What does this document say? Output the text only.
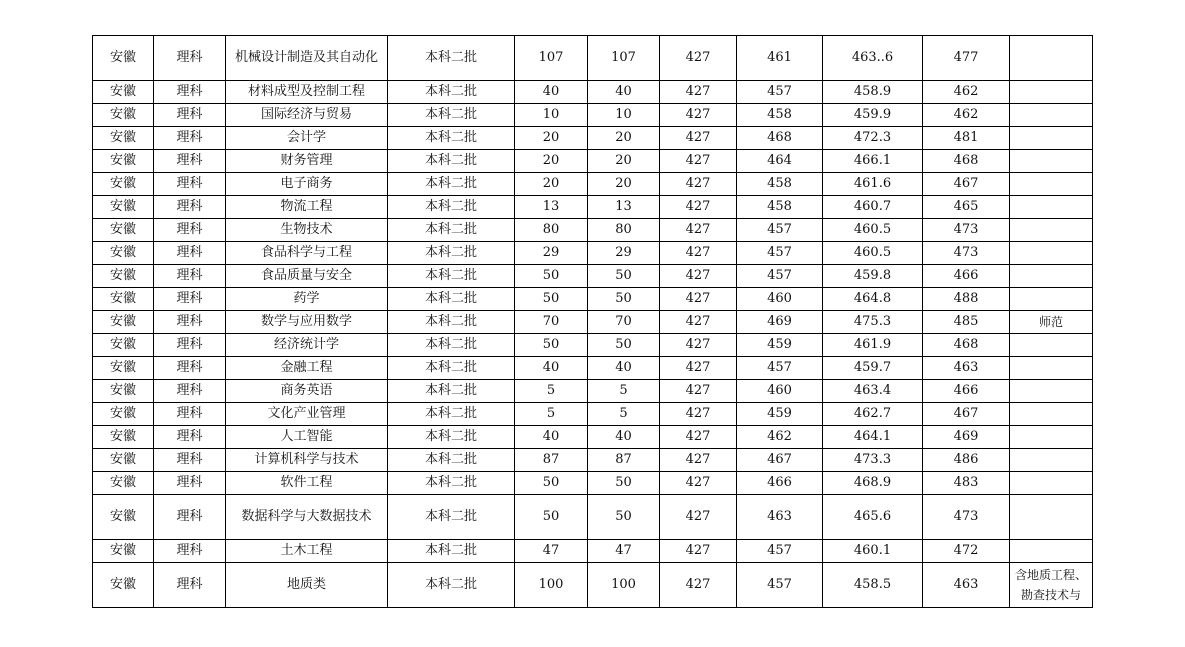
安徽	理科	机械设计制造及其自动化	本科二批	107	107	427	461	463..6	477	
安徽	理科	材料成型及控制工程	本科二批	40	40	427	457	458.9	462	
安徽	理科	国际经济与贸易	本科二批	10	10	427	458	459.9	462	
安徽	理科	会计学	本科二批	20	20	427	468	472.3	481	
安徽	理科	财务管理	本科二批	20	20	427	464	466.1	468	
安徽	理科	电子商务	本科二批	20	20	427	458	461.6	467	
安徽	理科	物流工程	本科二批	13	13	427	458	460.7	465	
安徽	理科	生物技术	本科二批	80	80	427	457	460.5	473	
安徽	理科	食品科学与工程	本科二批	29	29	427	457	460.5	473	
安徽	理科	食品质量与安全	本科二批	50	50	427	457	459.8	466	
安徽	理科	药学	本科二批	50	50	427	460	464.8	488	
安徽	理科	数学与应用数学	本科二批	70	70	427	469	475.3	485	师范
安徽	理科	经济统计学	本科二批	50	50	427	459	461.9	468	
安徽	理科	金融工程	本科二批	40	40	427	457	459.7	463	
安徽	理科	商务英语	本科二批	5	5	427	460	463.4	466	
安徽	理科	文化产业管理	本科二批	5	5	427	459	462.7	467	
安徽	理科	人工智能	本科二批	40	40	427	462	464.1	469	
安徽	理科	计算机科学与技术	本科二批	87	87	427	467	473.3	486	
安徽	理科	软件工程	本科二批	50	50	427	466	468.9	483	
安徽	理科	数据科学与大数据技术	本科二批	50	50	427	463	465.6	473	
安徽	理科	土木工程	本科二批	47	47	427	457	460.1	472	
安徽	理科	地质类	本科二批	100	100	427	457	458.5	463	含地质工程、勘查技术与
